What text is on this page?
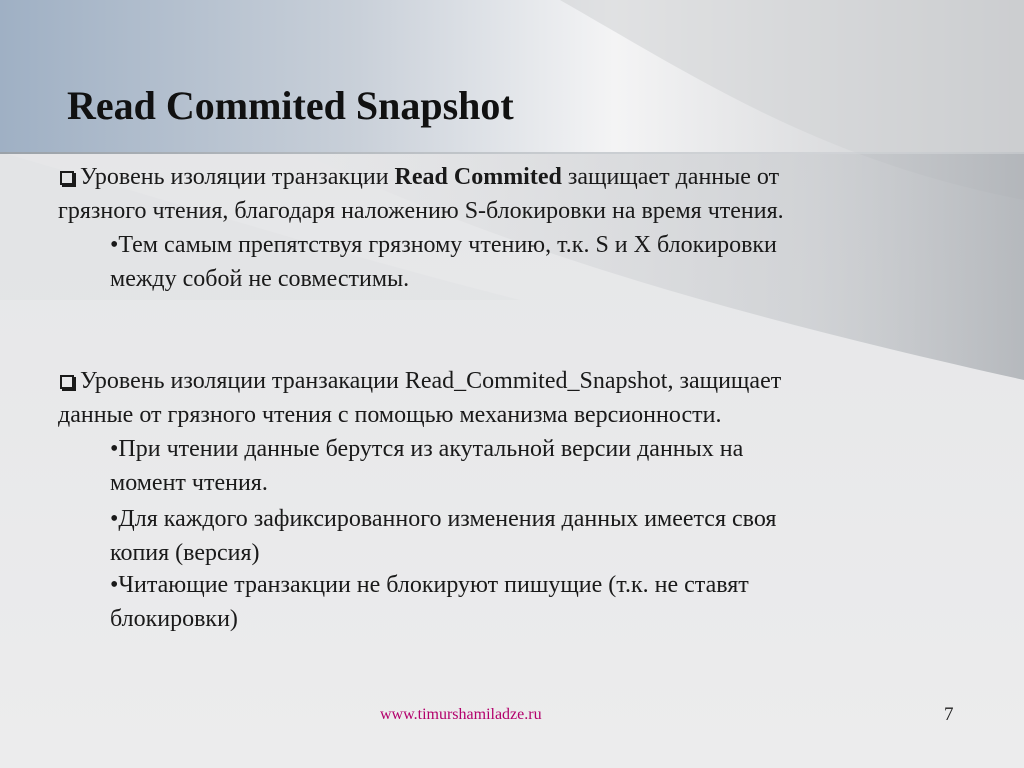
Read Commited Snapshot
Уровень изоляции транзакции Read Commited защищает данные от
грязного чтения, благодаря наложению S-блокировки на время чтения.
•Тем самым препятствуя грязному чтению, т.к. S и X блокировки
между собой не совместимы.
Уровень изоляции транзакации Read_Commited_Snapshot, защищает
данные от грязного чтения с помощью механизма версионности.
•При чтении данные берутся из акутальной версии данных на
момент чтения.
•Для каждого зафиксированного изменения данных имеется своя
копия (версия)
•Читающие транзакции не блокируют пишущие (т.к. не ставят
блокировки)
www.timurshamiladze.ru	7
